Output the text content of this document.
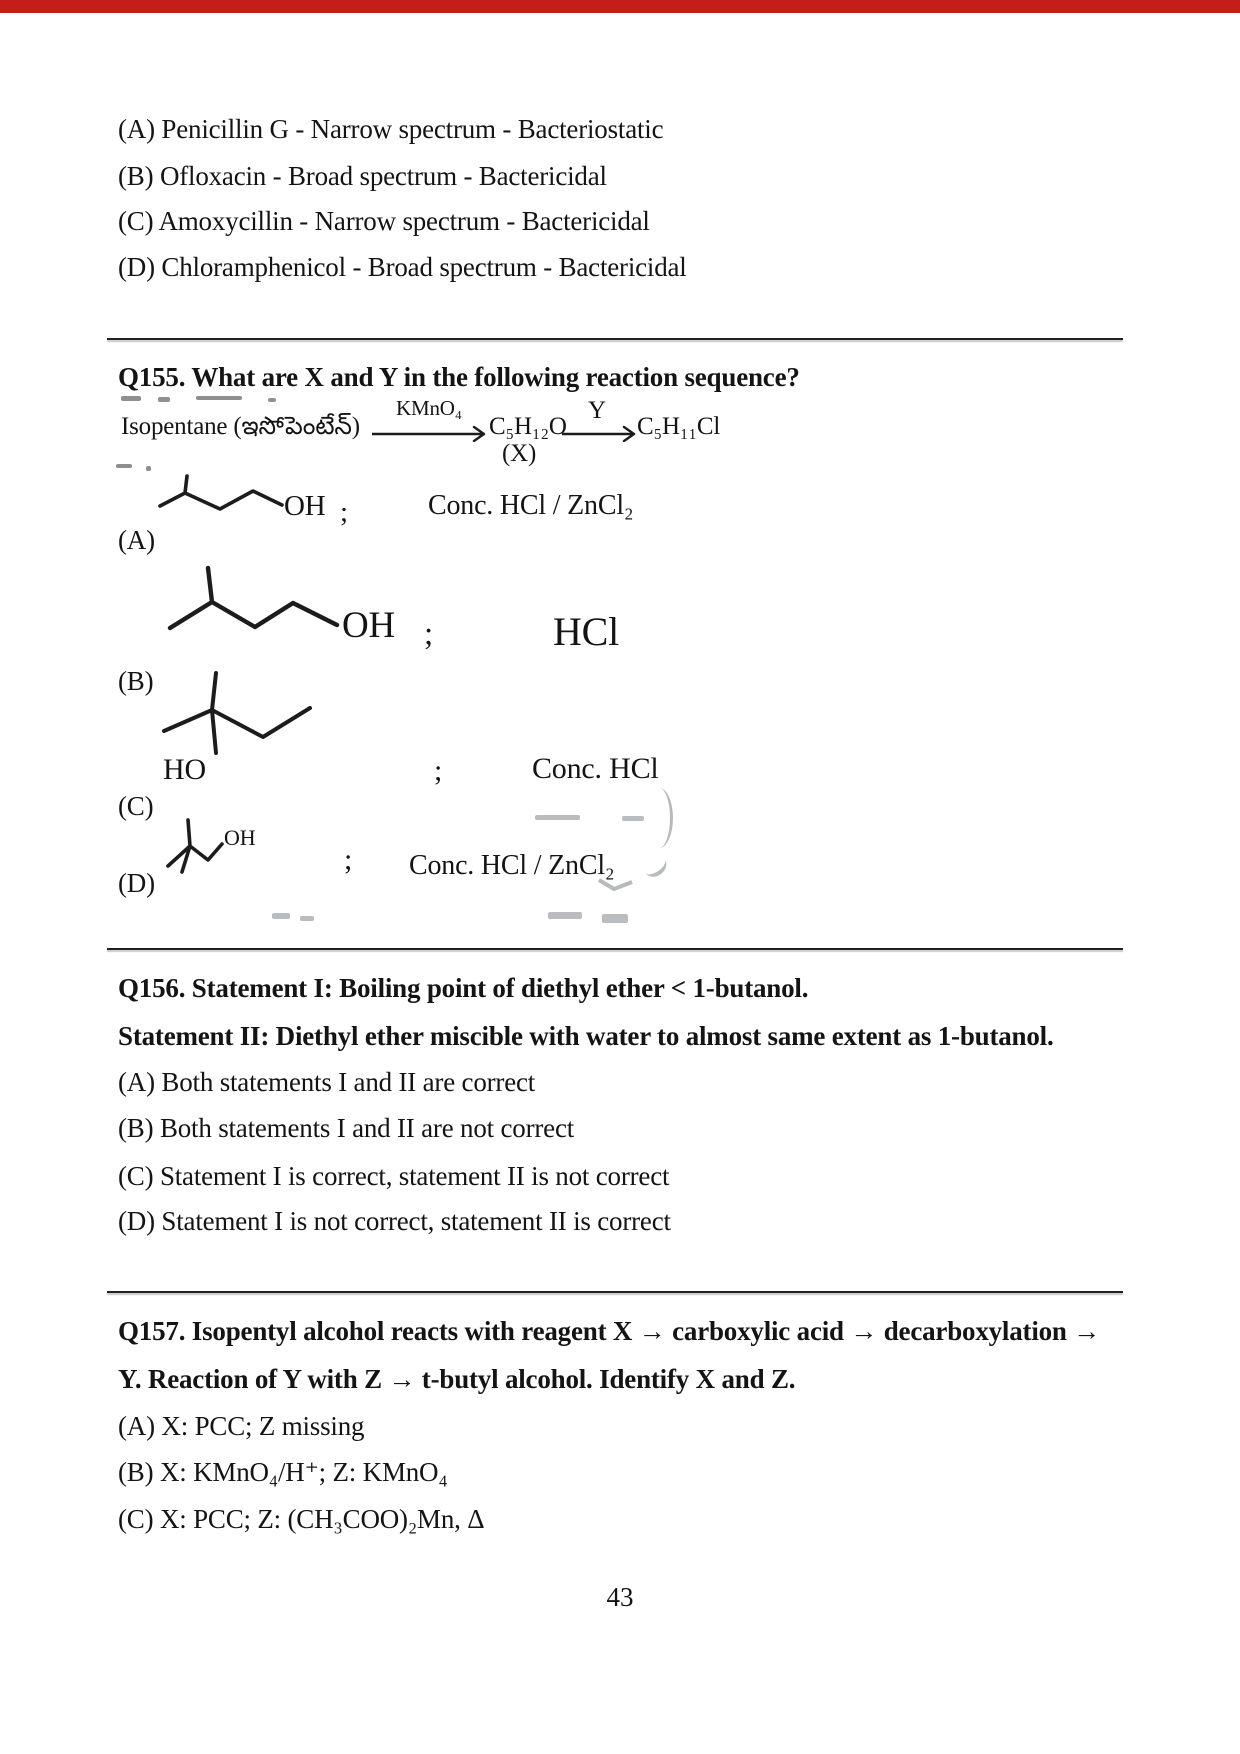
(A) Penicillin G - Narrow spectrum - Bacteriostatic
(B) Ofloxacin - Broad spectrum - Bactericidal
(C) Amoxycillin - Narrow spectrum - Bactericidal
(D) Chloramphenicol - Broad spectrum - Bactericidal
Q155. What are X and Y in the following reaction sequence?
Isopentane (ఇసోపెంటేన్)
KMnO₄
C₅H₁₂O
(X)
Y
C₅H₁₁Cl
OH ;	Conc. HCl / ZnCl₂
(A)
OH ;	HCl
(B)
HO	;	Conc. HCl
(C)
OH
; Conc. HCl / ZnCl₂
(D)
Q156. Statement I: Boiling point of diethyl ether < 1-butanol.
Statement II: Diethyl ether miscible with water to almost same extent as 1-butanol.
(A) Both statements I and II are correct
(B) Both statements I and II are not correct
(C) Statement I is correct, statement II is not correct
(D) Statement I is not correct, statement II is correct
Q157. Isopentyl alcohol reacts with reagent X → carboxylic acid → decarboxylation →
Y. Reaction of Y with Z → t-butyl alcohol. Identify X and Z.
(A) X: PCC; Z missing
(B) X: KMnO₄/H⁺; Z: KMnO₄
(C) X: PCC; Z: (CH₃COO)₂Mn, Δ
43
